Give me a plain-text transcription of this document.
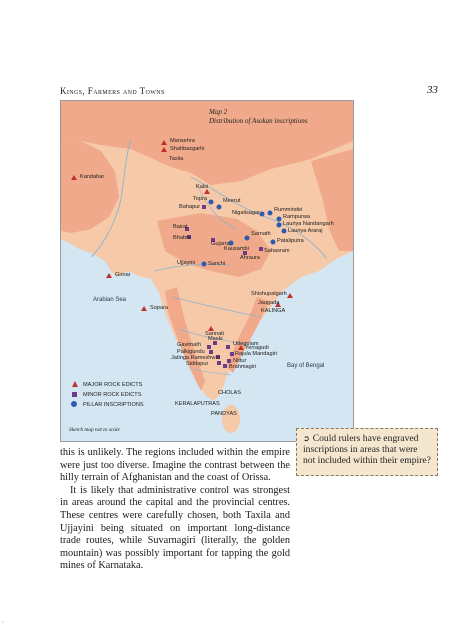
Kings, Farmers and Towns	33
Map 2
Distribution of Asokan inscriptions
Mansehra
Shahbazgarhi
Taxila
Kandahar
Kalsi
Topra	Meerut
Bahapur
Bairat
Bhabru
Gujarra
Nigalisagar	Rummindei
Rampurwa
Lauriya Nandangarh
Lauriya Araraj
Sarnath
Pataliputra
Kausambi
Ahraura
Sahasram
Ujjayini Sanchi
Girnar
Arabian Sea
Sopara
Shishupalgarh
Jaugada
KALINGA
Sannati
Maski
Gavimath
Palkigundu
Udegolam
Yerragudi
Rajula Mandagiri
Jatinga Rameshwar Nittur
Siddapur	Brahmagiri	Bay of Bengal
CHOLAS
KERALAPUTRAS
PANDYAS
MAJOR ROCK EDICTS
MINOR ROCK EDICTS
PILLAR INSCRIPTIONS
Sketch map not to scale
➲ Could rulers have engraved inscriptions in areas that were not included within their empire?

this is unlikely. The regions included within the empire were just too diverse. Imagine the contrast between the hilly terrain of Afghanistan and the coast of Orissa.

It is likely that administrative control was strongest in areas around the capital and the provincial centres. These centres were carefully chosen, both Taxila and Ujjayini being situated on important long-distance trade routes, while Suvarnagiri (literally, the golden mountain) was possibly important for tapping the gold mines of Karnataka.

›
